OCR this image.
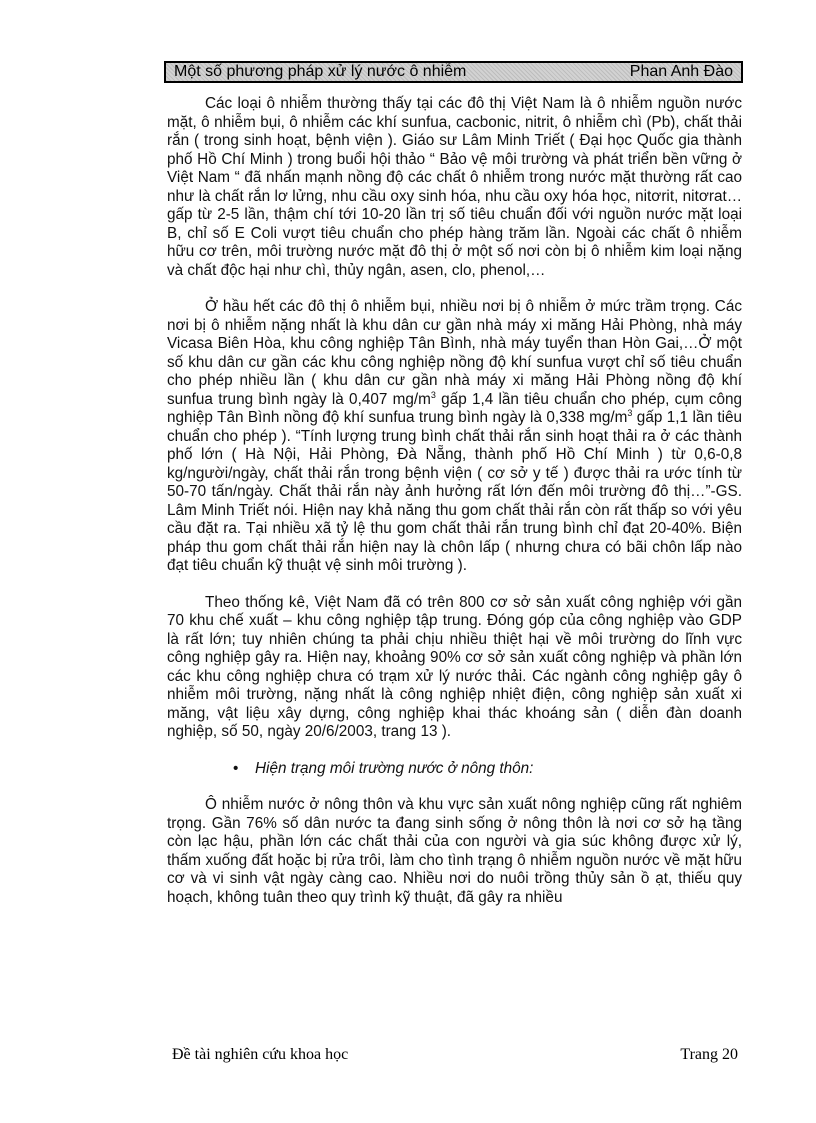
Một số phương pháp xử lý nước ô nhiễm	Phan Anh Đào

Các loại ô nhiễm thường thấy tại các đô thị Việt Nam là ô nhiễm nguồn nước mặt, ô nhiễm bụi, ô nhiễm các khí sunfua, cacbonic, nitrit, ô nhiễm chì (Pb), chất thải rắn ( trong sinh hoạt, bệnh viện ). Giáo sư Lâm Minh Triết ( Đại học Quốc gia thành phố Hồ Chí Minh ) trong buổi hội thảo “ Bảo vệ môi trường và phát triển bền vững ở Việt Nam “ đã nhấn mạnh nồng độ các chất ô nhiễm trong nước mặt thường rất cao như là chất rắn lơ lửng, nhu cầu oxy sinh hóa, nhu cầu oxy hóa học, nitơrit, nitơrat…gấp từ 2-5 lần, thậm chí tới 10-20 lần trị số tiêu chuẩn đối với nguồn nước mặt loại B, chỉ số E Coli vượt tiêu chuẩn cho phép hàng trăm lần. Ngoài các chất ô nhiễm hữu cơ trên, môi trường nước mặt đô thị ở một số nơi còn bị ô nhiễm kim loại nặng và chất độc hại như chì, thủy ngân, asen, clo, phenol,…

Ở hầu hết các đô thị ô nhiễm bụi, nhiều nơi bị ô nhiễm ở mức trầm trọng. Các nơi bị ô nhiễm nặng nhất là khu dân cư gần nhà máy xi măng Hải Phòng, nhà máy Vicasa Biên Hòa, khu công nghiệp Tân Bình, nhà máy tuyển than Hòn Gai,…Ở một số khu dân cư gần các khu công nghiệp nồng độ khí sunfua vượt chỉ số tiêu chuẩn cho phép nhiều lần ( khu dân cư gần nhà máy xi măng Hải Phòng nồng độ khí sunfua trung bình ngày là 0,407 $mg/m^3$ gấp 1,4 lần tiêu chuẩn cho phép, cụm công nghiệp Tân Bình nồng độ khí sunfua trung bình ngày là 0,338 $mg/m^3$ gấp 1,1 lần tiêu chuẩn cho phép ). “Tính lượng trung bình chất thải rắn sinh hoạt thải ra ở các thành phố lớn ( Hà Nội, Hải Phòng, Đà Nẵng, thành phố Hồ Chí Minh ) từ 0,6-0,8 kg/người/ngày, chất thải rắn trong bệnh viện ( cơ sở y tế ) được thải ra ước tính từ 50-70 tấn/ngày. Chất thải rắn này ảnh hưởng rất lớn đến môi trường đô thị…”-GS. Lâm Minh Triết nói. Hiện nay khả năng thu gom chất thải rắn còn rất thấp so với yêu cầu đặt ra. Tại nhiều xã tỷ lệ thu gom chất thải rắn trung bình chỉ đạt 20-40%. Biện pháp thu gom chất thải rắn hiện nay là chôn lấp ( nhưng chưa có bãi chôn lấp nào đạt tiêu chuẩn kỹ thuật vệ sinh môi trường ).

Theo thống kê, Việt Nam đã có trên 800 cơ sở sản xuất công nghiệp với gần 70 khu chế xuất – khu công nghiệp tập trung. Đóng góp của công nghiệp vào GDP là rất lớn; tuy nhiên chúng ta phải chịu nhiều thiệt hại về môi trường do lĩnh vực công nghiệp gây ra. Hiện nay, khoảng 90% cơ sở sản xuất công nghiệp và phần lớn các khu công nghiệp chưa có trạm xử lý nước thải. Các ngành công nghiệp gây ô nhiễm môi trường, nặng nhất là công nghiệp nhiệt điện, công nghiệp sản xuất xi măng, vật liệu xây dựng, công nghiệp khai thác khoáng sản ( diễn đàn doanh nghiệp, số 50, ngày 20/6/2003, trang 13 ).

• Hiện trạng môi trường nước ở nông thôn:

Ô nhiễm nước ở nông thôn và khu vực sản xuất nông nghiệp cũng rất nghiêm trọng. Gần 76% số dân nước ta đang sinh sống ở nông thôn là nơi cơ sở hạ tầng còn lạc hậu, phần lớn các chất thải của con người và gia súc không được xử lý, thấm xuống đất hoặc bị rửa trôi, làm cho tình trạng ô nhiễm nguồn nước về mặt hữu cơ và vi sinh vật ngày càng cao. Nhiều nơi do nuôi trồng thủy sản ồ ạt, thiếu quy hoạch, không tuân theo quy trình kỹ thuật, đã gây ra nhiều

Đề tài nghiên cứu khoa học	Trang 20
